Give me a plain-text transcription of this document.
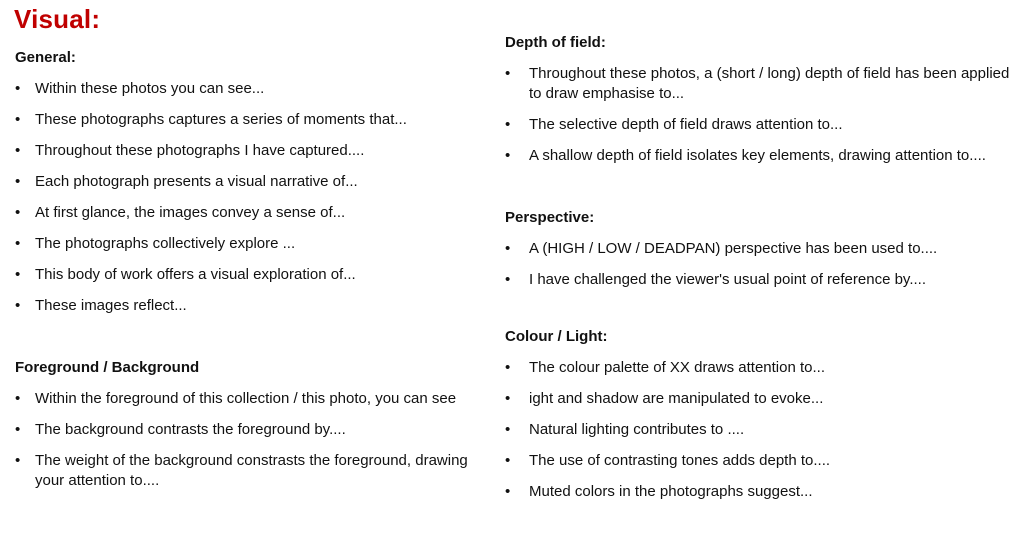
Visual:
General:
• Within these photos you can see...
• These photographs captures a series of moments that...
• Throughout these photographs I have captured....
• Each photograph presents a visual narrative of...
• At first glance, the images convey a sense of...
• The photographs collectively explore ...
• This body of work offers a visual exploration of...
• These images reflect...
Foreground / Background
• Within the foreground of this collection / this photo, you can see
• The background contrasts the foreground by....
• The weight of the background constrasts the foreground, drawing your attention to....
Depth of field:
•	Throughout these photos, a (short / long) depth of field has been applied to draw emphasise to...
•	The selective depth of field draws attention to...
•	A shallow depth of field isolates key elements, drawing attention to....
Perspective:
•	A (HIGH / LOW / DEADPAN) perspective has been used to....
•	I have challenged the viewer's usual point of reference by....
Colour / Light:
•	The colour palette of XX draws attention to...
•	ight and shadow are manipulated to evoke...
•	Natural lighting contributes to ....
•	The use of contrasting tones adds depth to....
•	Muted colors in the photographs suggest...
